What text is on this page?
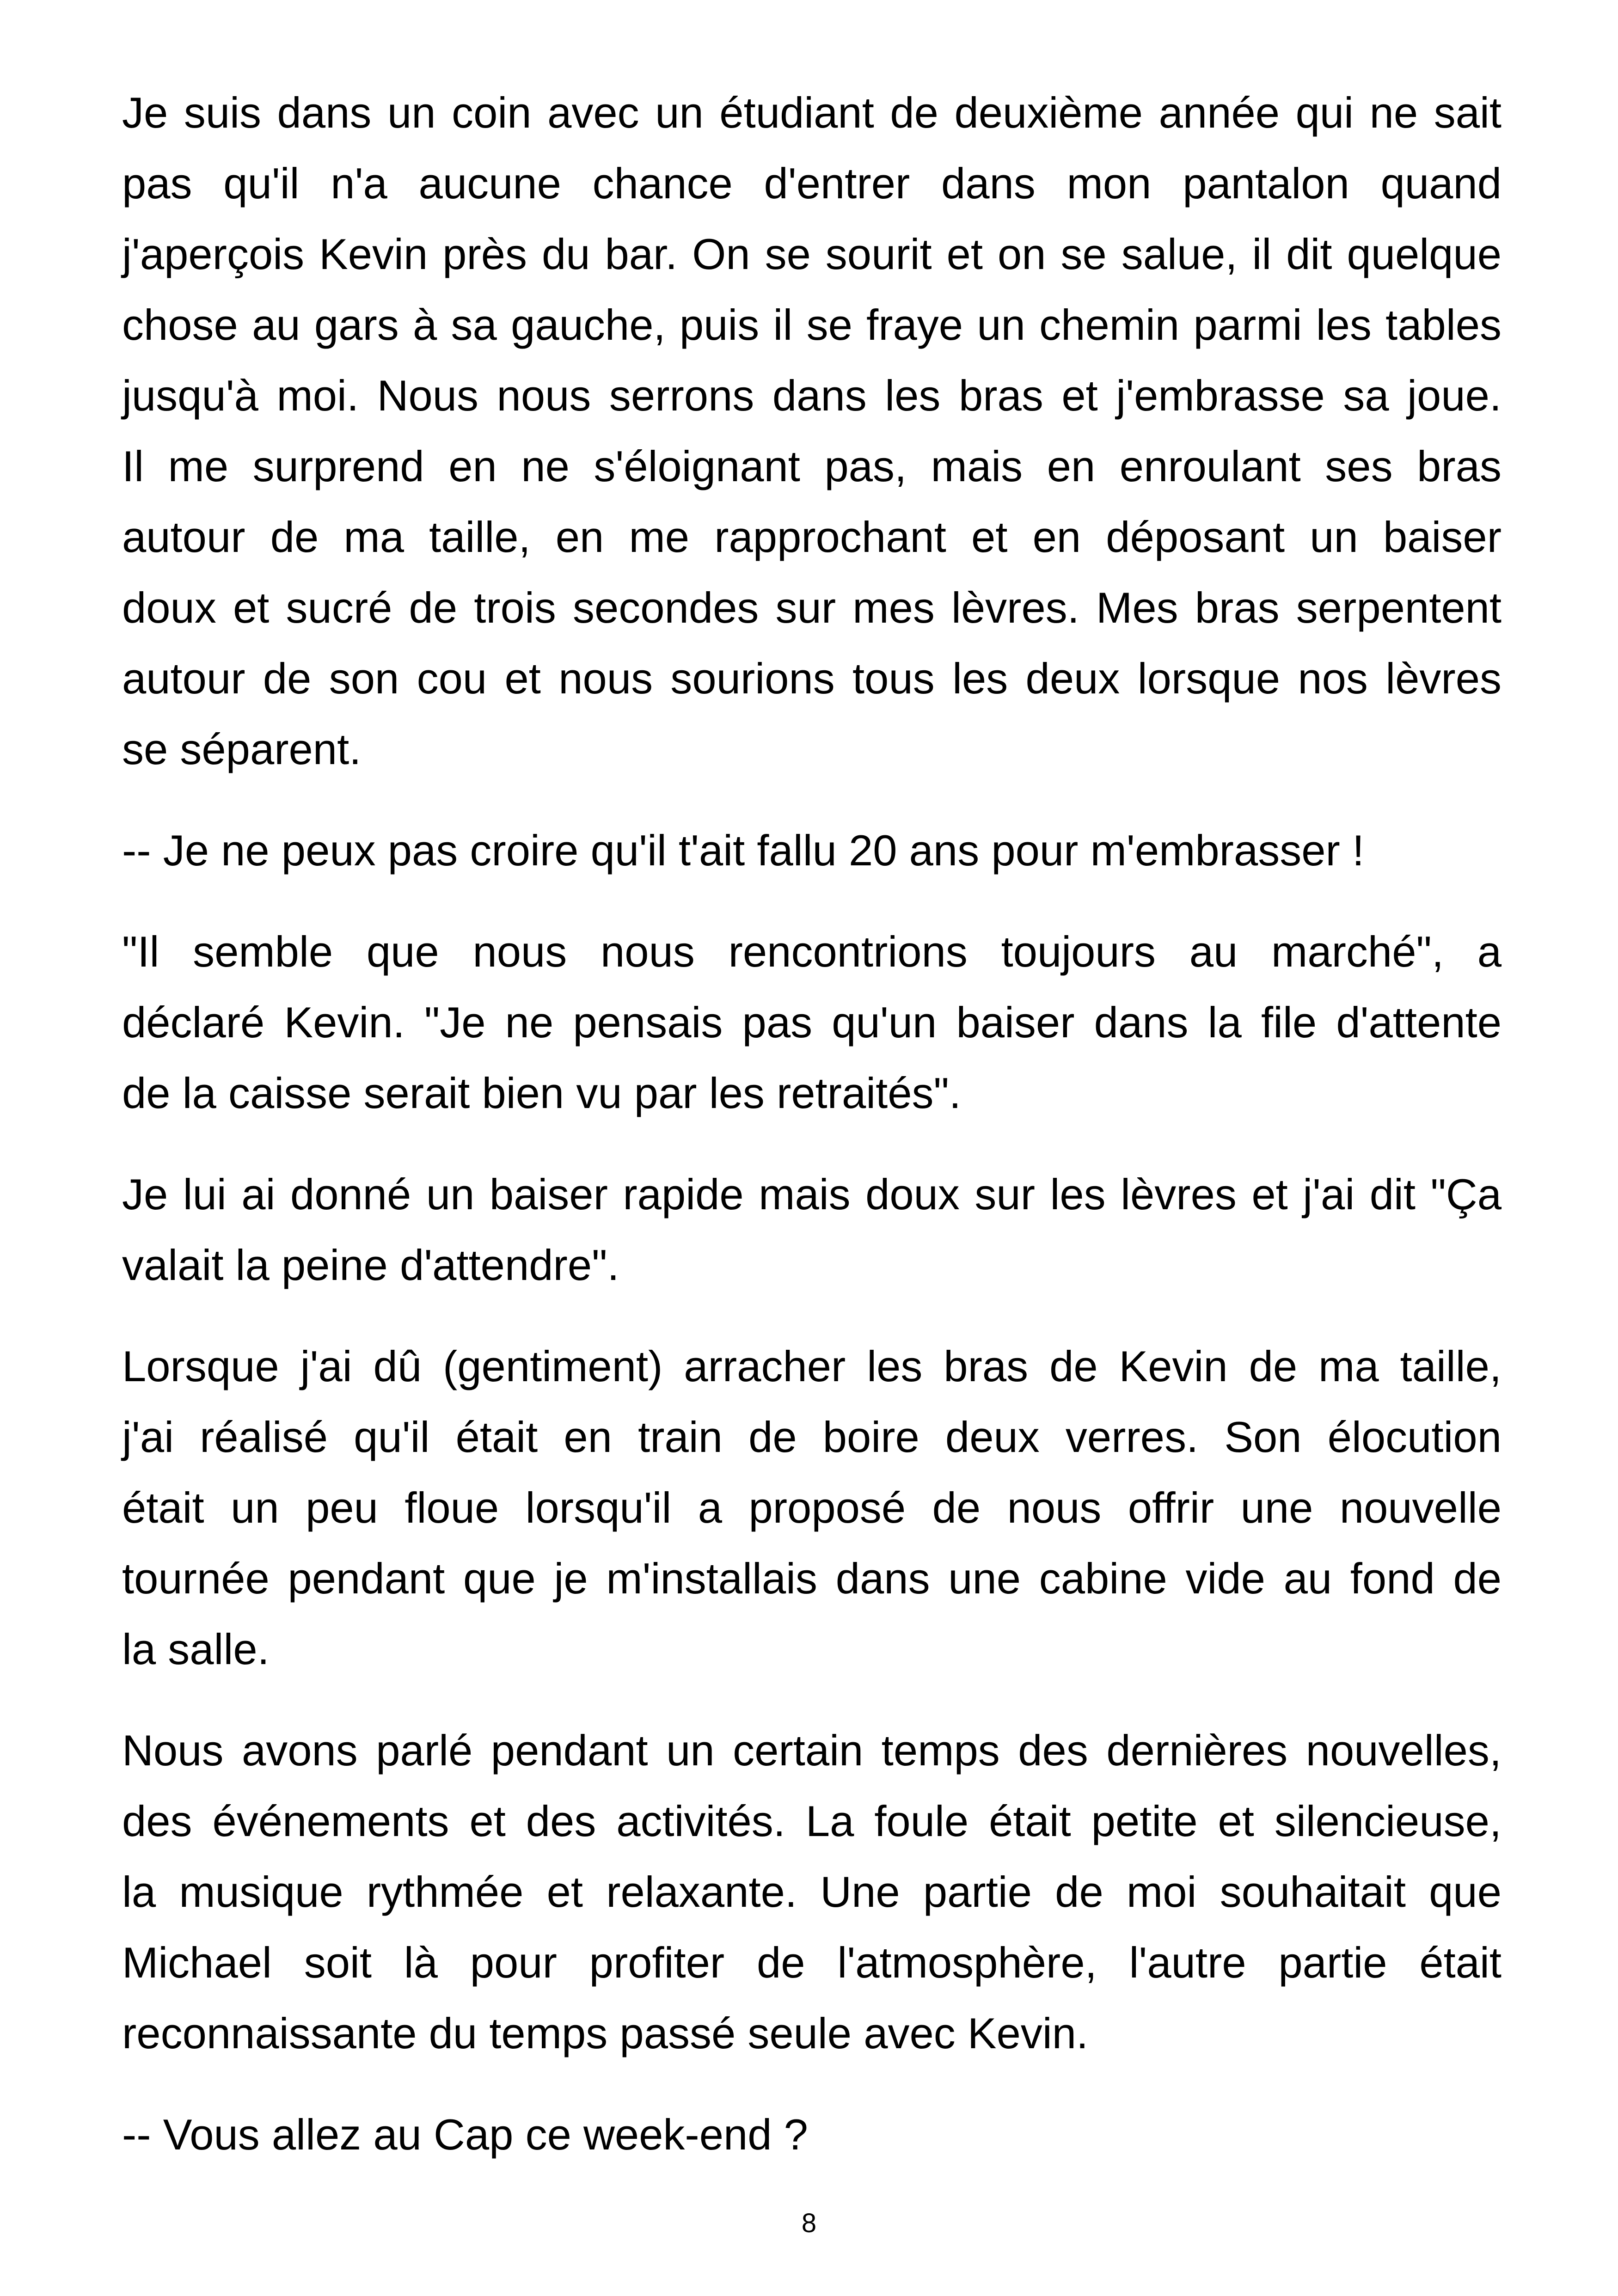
Je suis dans un coin avec un étudiant de deuxième année qui ne sait
pas qu'il n'a aucune chance d'entrer dans mon pantalon quand
j'aperçois Kevin près du bar. On se sourit et on se salue, il dit quelque
chose au gars à sa gauche, puis il se fraye un chemin parmi les tables
jusqu'à moi. Nous nous serrons dans les bras et j'embrasse sa joue.
Il me surprend en ne s'éloignant pas, mais en enroulant ses bras
autour de ma taille, en me rapprochant et en déposant un baiser
doux et sucré de trois secondes sur mes lèvres. Mes bras serpentent
autour de son cou et nous sourions tous les deux lorsque nos lèvres
se séparent.

-- Je ne peux pas croire qu'il t'ait fallu 20 ans pour m'embrasser !

"Il semble que nous nous rencontrions toujours au marché", a
déclaré Kevin. "Je ne pensais pas qu'un baiser dans la file d'attente
de la caisse serait bien vu par les retraités".

Je lui ai donné un baiser rapide mais doux sur les lèvres et j'ai dit "Ça
valait la peine d'attendre".

Lorsque j'ai dû (gentiment) arracher les bras de Kevin de ma taille,
j'ai réalisé qu'il était en train de boire deux verres. Son élocution
était un peu floue lorsqu'il a proposé de nous offrir une nouvelle
tournée pendant que je m'installais dans une cabine vide au fond de
la salle.

Nous avons parlé pendant un certain temps des dernières nouvelles,
des événements et des activités. La foule était petite et silencieuse,
la musique rythmée et relaxante. Une partie de moi souhaitait que
Michael soit là pour profiter de l'atmosphère, l'autre partie était
reconnaissante du temps passé seule avec Kevin.

-- Vous allez au Cap ce week-end ?

8
